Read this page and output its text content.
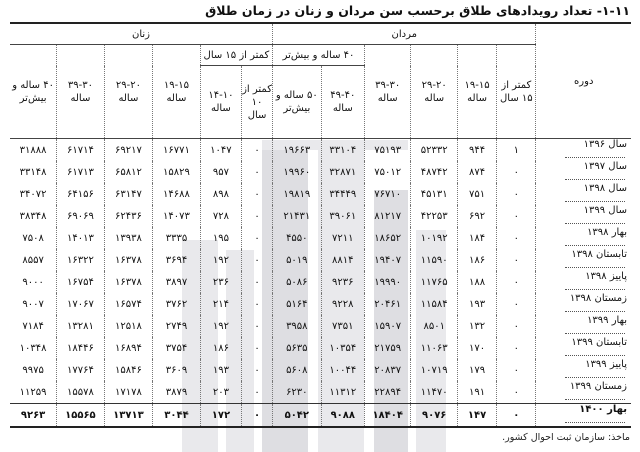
۱-۱۱- تعداد رویدادهای طلاق برحسب سن مردان و زنان در زمان طلاق
دوره	مردان						زنان					
	کمتر از ۱۵ سال	۱۹-۱۵ ساله	۲۹-۲۰ ساله	۳۹-۳۰ ساله	۴۰ ساله و بیش‌تر		کمتر از ۱۵ سال		۱۹-۱۵ ساله	۲۹-۲۰ ساله	۳۹-۳۰ ساله	۴۰ ساله و بیش‌تر
					۴۹-۴۰ ساله	۵۰ ساله و بیش‌تر	کمتر از ۱۰ سال	۱۴-۱۰ ساله				
سال ۱۳۹۶	۱	۹۴۴	۵۲۳۳۲	۷۵۱۹۳	۳۳۱۰۴	۱۹۶۶۳	۰	۱۰۴۷	۱۶۷۷۱	۶۹۲۱۷	۶۱۷۱۴	۳۱۸۸۸
سال ۱۳۹۷	۰	۸۷۴	۴۸۷۴۲	۷۵۰۱۲	۳۲۸۷۱	۱۹۹۶۰	۰	۹۵۷	۱۵۸۲۹	۶۵۸۱۲	۶۱۷۱۳	۳۳۱۴۸
سال ۱۳۹۸	۰	۷۵۱	۴۵۱۳۱	۷۶۷۱۰	۳۴۴۴۹	۱۹۸۱۹	۰	۸۹۸	۱۴۶۸۸	۶۳۱۴۷	۶۴۱۵۶	۳۴۰۷۲
سال ۱۳۹۹	۰	۶۹۲	۴۲۲۵۳	۸۱۲۱۷	۳۹۰۶۱	۲۱۴۳۱	۰	۷۲۸	۱۴۰۷۳	۶۲۴۳۶	۶۹۰۶۹	۳۸۳۴۸
بهار ۱۳۹۸	۰	۱۸۴	۱۰۱۹۲	۱۸۶۵۲	۷۲۱۱	۴۵۵۰	۰	۱۹۵	۳۳۳۵	۱۳۹۳۸	۱۴۰۱۳	۷۵۰۸
تابستان ۱۳۹۸	۰	۱۸۶	۱۱۵۹۰	۱۹۴۰۷	۸۸۱۴	۵۰۱۹	۰	۱۹۲	۳۶۹۴	۱۶۳۷۸	۱۶۳۲۲	۸۵۵۷
پاییز ۱۳۹۸	۰	۱۸۸	۱۱۷۶۵	۱۹۹۹۰	۹۲۳۶	۵۰۸۶	۰	۲۳۶	۳۸۹۷	۱۶۳۷۸	۱۶۷۵۴	۹۰۰۰
زمستان ۱۳۹۸	۰	۱۹۳	۱۱۵۸۴	۲۰۴۶۱	۹۲۲۸	۵۱۶۴	۰	۲۱۴	۳۷۶۲	۱۶۵۷۴	۱۷۰۶۷	۹۰۰۷
بهار ۱۳۹۹	۰	۱۳۲	۸۵۰۱	۱۵۹۰۷	۷۳۵۱	۳۹۵۸	۰	۱۹۲	۲۷۴۹	۱۲۵۱۸	۱۳۲۸۱	۷۱۸۴
تابستان ۱۳۹۹	۰	۱۷۰	۱۱۰۶۳	۲۱۷۵۹	۱۰۳۵۴	۵۶۳۵	۰	۱۸۶	۳۷۵۴	۱۶۸۹۴	۱۸۴۴۶	۱۰۳۴۸
پاییز ۱۳۹۹	۰	۱۷۹	۱۰۷۱۹	۲۰۸۳۷	۱۰۰۴۴	۵۶۰۸	۰	۱۹۳	۳۶۰۹	۱۵۸۴۶	۱۷۷۶۴	۹۹۷۵
زمستان ۱۳۹۹	۰	۱۹۱	۱۱۴۷۰	۲۲۸۹۴	۱۱۳۱۲	۶۲۳۰	۰	۲۰۳	۳۸۷۹	۱۷۱۷۸	۱۵۵۷۸	۱۱۲۵۹
بهار ۱۴۰۰	۰	۱۴۷	۹۰۷۶	۱۸۴۰۴	۹۰۸۸	۵۰۴۲	۰	۱۷۲	۳۰۴۴	۱۳۷۱۳	۱۵۵۶۵	۹۲۶۳
ماخذ: سازمان ثبت احوال کشور.
